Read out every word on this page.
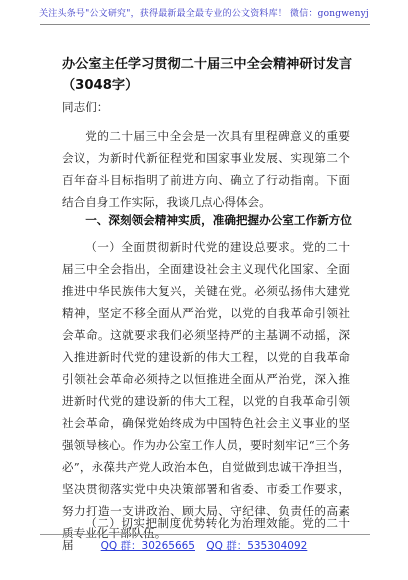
关注头条号"公文研究"，获得最新最全最专业的公文资料库！ 微信：gongwenyj
办公室主任学习贯彻二十届三中全会精神研讨发言（3048字）
同志们：

党的二十届三中全会是一次具有里程碑意义的重要会议，为新时代新征程党和国家事业发展、实现第二个百年奋斗目标指明了前进方向、确立了行动指南。下面结合自身工作实际，我谈几点心得体会。

一、深刻领会精神实质，准确把握办公室工作新方位

（一）全面贯彻新时代党的建设总要求。党的二十届三中全会指出，全面建设社会主义现代化国家、全面推进中华民族伟大复兴，关键在党。必须弘扬伟大建党精神，坚定不移全面从严治党，以党的自我革命引领社会革命。这就要求我们必须坚持严的主基调不动摇，深入推进新时代党的建设新的伟大工程，以党的自我革命引领社会革命必须持之以恒推进全面从严治党，深入推进新时代党的建设新的伟大工程，以党的自我革命引领社会革命，确保党始终成为中国特色社会主义事业的坚强领导核心。作为办公室工作人员，要时刻牢记“三个务必”，永葆共产党人政治本色，自觉做到忠诚干净担当，坚决贯彻落实党中央决策部署和省委、市委工作要求，努力打造一支讲政治、顾大局、守纪律、负责任的高素质专业化干部队伍。

（二）切实把制度优势转化为治理效能。党的二十届	QQ 群：30265665 QQ 群：535304092
